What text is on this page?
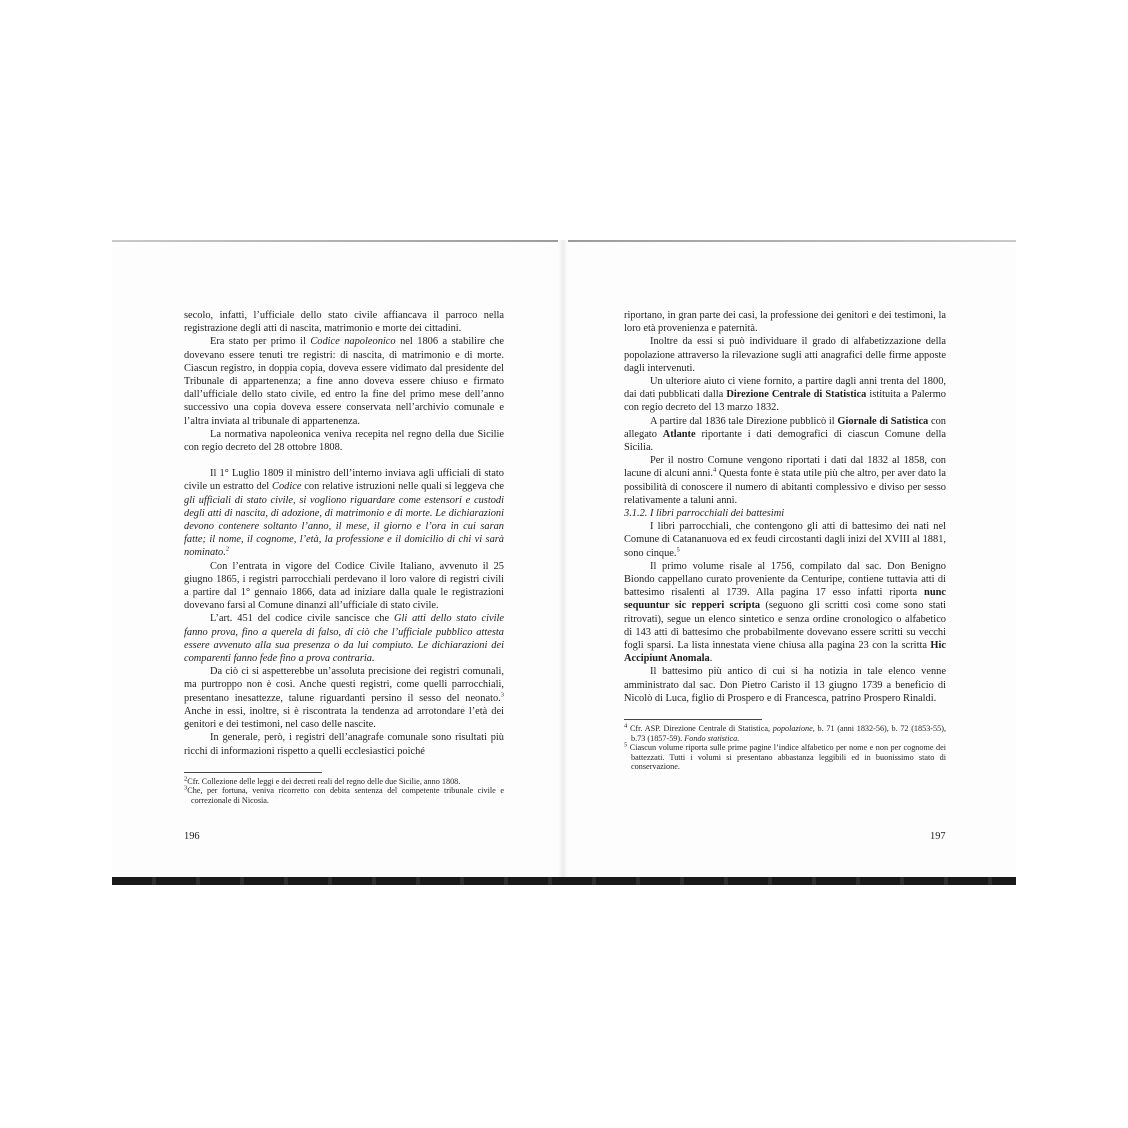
secolo, infatti, l’ufficiale dello stato civile affiancava il parroco nella registrazione degli atti di nascita, matrimonio e morte dei cittadini.

Era stato per primo il Codice napoleonico nel 1806 a stabilire che dovevano essere tenuti tre registri: di nascita, di matrimonio e di morte. Ciascun registro, in doppia copia, doveva essere vidimato dal presidente del Tribunale di appartenenza; a fine anno doveva essere chiuso e firmato dall’ufficiale dello stato civile, ed entro la fine del primo mese dell’anno successivo una copia doveva essere conservata nell’archivio comunale e l’altra inviata al tribunale di appartenenza.

La normativa napoleonica veniva recepita nel regno della due Sicilie con regio decreto del 28 ottobre 1808.

Il 1° Luglio 1809 il ministro dell’interno inviava agli ufficiali di stato civile un estratto del Codice con relative istruzioni nelle quali si leggeva che gli ufficiali di stato civile, si vogliono riguardare come estensori e custodi degli atti di nascita, di adozione, di matrimonio e di morte. Le dichiarazioni devono contenere soltanto l’anno, il mese, il giorno e l’ora in cui saran fatte; il nome, il cognome, l’età, la professione e il domicilio di chi vi sarà nominato.$^2$

Con l’entrata in vigore del Codice Civile Italiano, avvenuto il 25 giugno 1865, i registri parrocchiali perdevano il loro valore di registri civili a partire dal 1° gennaio 1866, data ad iniziare dalla quale le registrazioni dovevano farsi al Comune dinanzi all’ufficiale di stato civile.

L’art. 451 del codice civile sancisce che Gli atti dello stato civile fanno prova, fino a querela di falso, di ciò che l’ufficiale pubblico attesta essere avvenuto alla sua presenza o da lui compiuto. Le dichiarazioni dei comparenti fanno fede fino a prova contraria.

Da ciò ci si aspetterebbe un’assoluta precisione dei registri comunali, ma purtroppo non è così. Anche questi registri, come quelli parrocchiali, presentano inesattezze, talune riguardanti persino il sesso del neonato.$^3$ Anche in essi, inoltre, si è riscontrata la tendenza ad arrotondare l’età dei genitori e dei testimoni, nel caso delle nascite.

In generale, però, i registri dell’anagrafe comunale sono risultati più ricchi di informazioni rispetto a quelli ecclesiastici poiché

$^2$Cfr. Collezione delle leggi e dei decreti reali del regno delle due Sicilie, anno 1808.

$^3$Che, per fortuna, veniva ricorretto con debita sentenza del competente tribunale civile e correzionale di Nicosia.

196

riportano, in gran parte dei casi, la professione dei genitori e dei testimoni, la loro età provenienza e paternità.

Inoltre da essi si può individuare il grado di alfabetizzazione della popolazione attraverso la rilevazione sugli atti anagrafici delle firme apposte dagli intervenuti.

Un ulteriore aiuto ci viene fornito, a partire dagli anni trenta del 1800, dai dati pubblicati dalla Direzione Centrale di Statistica istituita a Palermo con regio decreto del 13 marzo 1832.

A partire dal 1836 tale Direzione pubblicò il Giornale di Satistica con allegato Atlante riportante i dati demografici di ciascun Comune della Sicilia.

Per il nostro Comune vengono riportati i dati dal 1832 al 1858, con lacune di alcuni anni.$^4$ Questa fonte è stata utile più che altro, per aver dato la possibilità di conoscere il numero di abitanti complessivo e diviso per sesso relativamente a taluni anni.

3.1.2. I libri parrocchiali dei battesimi

I libri parrocchiali, che contengono gli atti di battesimo dei nati nel Comune di Catananuova ed ex feudi circostanti dagli inizi del XVIII al 1881, sono cinque.$^5$

Il primo volume risale al 1756, compilato dal sac. Don Benigno Biondo cappellano curato proveniente da Centuripe, contiene tuttavia atti di battesimo risalenti al 1739. Alla pagina 17 esso infatti riporta nunc sequuntur sic repperi scripta (seguono gli scritti così come sono stati ritrovati), segue un elenco sintetico e senza ordine cronologico o alfabetico di 143 atti di battesimo che probabilmente dovevano essere scritti su vecchi fogli sparsi. La lista innestata viene chiusa alla pagina 23 con la scritta Hic Accipiunt Anomala.

Il battesimo più antico di cui si ha notizia in tale elenco venne amministrato dal sac. Don Pietro Caristo il 13 giugno 1739 a beneficio di Nicolò di Luca, figlio di Prospero e di Francesca, patrino Prospero Rinaldi.

$^4$ Cfr. ASP. Direzione Centrale di Statistica, popolazione, b. 71 (anni 1832-56), b. 72 (1853-55), b.73 (1857-59). Fondo statistica.

$^5$ Ciascun volume riporta sulle prime pagine l’indice alfabetico per nome e non per cognome dei battezzati. Tutti i volumi si presentano abbastanza leggibili ed in buonissimo stato di conservazione.

197
